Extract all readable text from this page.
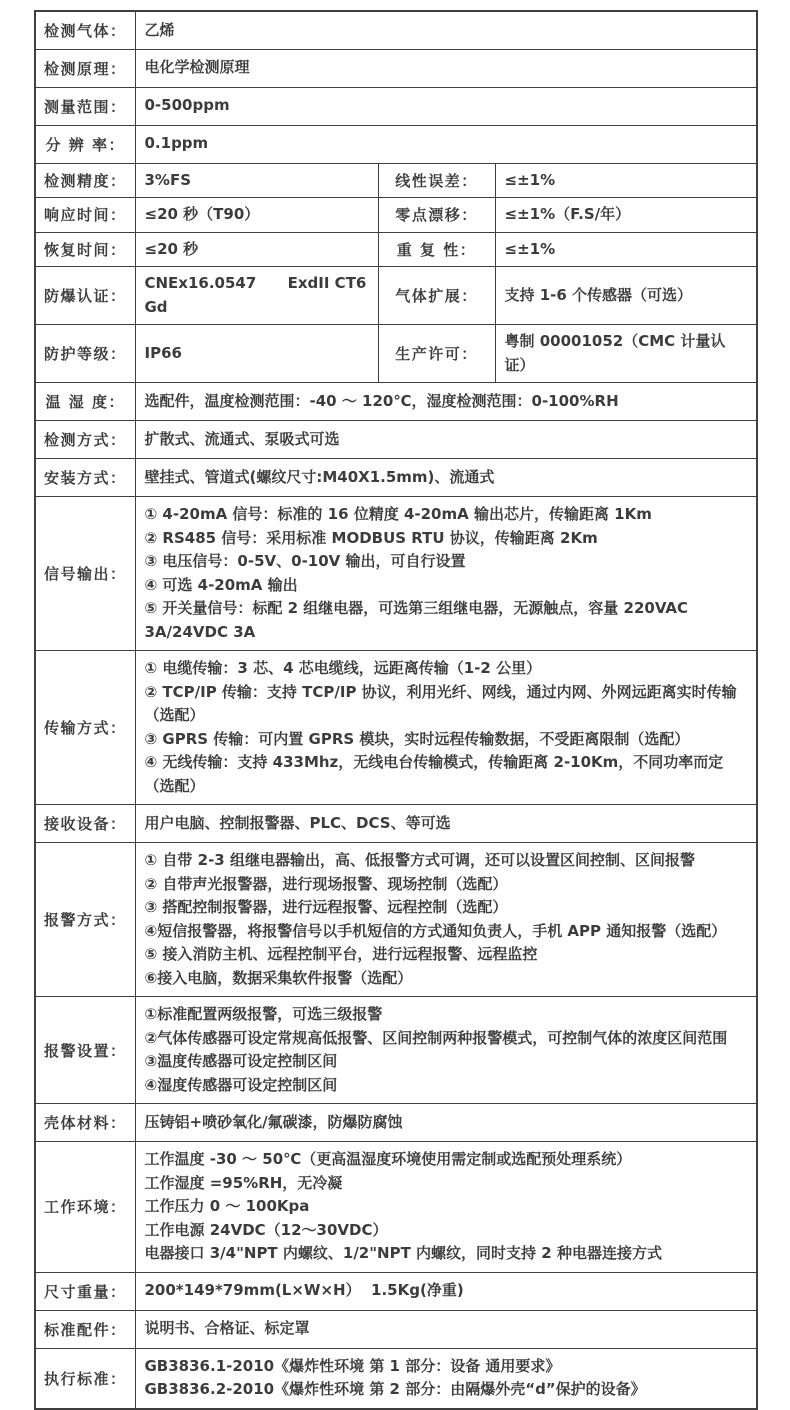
检测气体：	乙烯		
检测原理：	电化学检测原理		
测量范围：	0-500ppm		
分 辨 率：	0.1ppm		
检测精度：	3%FS	线性误差：	≤±1%
响应时间：	≤20 秒（T90）	零点漂移：	≤±1%（F.S/年）
恢复时间：	≤20 秒	重 复 性：	≤±1%
防爆认证：	CNEx16.0547      ExdII CT6 Gd	气体扩展：	支持 1-6 个传感器（可选）
防护等级：	IP66	生产许可：	粤制 00001052（CMC 计量认证）
温 湿 度：	选配件，温度检测范围：-40 ～ 120℃，湿度检测范围：0-100%RH		
检测方式：	扩散式、流通式、泵吸式可选		
安装方式：	壁挂式、管道式(螺纹尺寸:M40X1.5mm)、流通式		
信号输出：	① 4-20mA 信号：标准的 16 位精度 4-20mA 输出芯片，传输距离 1Km
② RS485 信号：采用标准 MODBUS RTU 协议，传输距离 2Km
③ 电压信号：0-5V、0-10V 输出，可自行设置
④ 可选 4-20mA 输出
⑤ 开关量信号：标配 2 组继电器，可选第三组继电器，无源触点，容量 220VAC 3A/24VDC 3A		

传输方式：	① 电缆传输：3 芯、4 芯电缆线，远距离传输（1-2 公里）
② TCP/IP 传输：支持 TCP/IP 协议，利用光纤、网线，通过内网、外网远距离实时传输（选配）
③ GPRS 传输：可内置 GPRS 模块，实时远程传输数据，不受距离限制（选配）
④ 无线传输：支持 433Mhz，无线电台传输模式，传输距离 2-10Km，不同功率而定（选配）		

接收设备：	用户电脑、控制报警器、PLC、DCS、等可选		
报警方式：	
① 自带 2-3 组继电器输出，高、低报警方式可调，还可以设置区间控制、区间报警
② 自带声光报警器，进行现场报警、现场控制（选配）
③ 搭配控制报警器，进行远程报警、远程控制（选配）
④短信报警器，将报警信号以手机短信的方式通知负责人，手机 APP 通知报警（选配）
⑤ 接入消防主机、远程控制平台，进行远程报警、远程监控
⑥接入电脑，数据采集软件报警（选配）

报警设置：	①标准配置两级报警，可选三级报警
②气体传感器可设定常规高低报警、区间控制两种报警模式，可控制气体的浓度区间范围
③温度传感器可设定控制区间
④湿度传感器可设定控制区间		

壳体材料：	压铸铝+喷砂氧化/氟碳漆，防爆防腐蚀		
工作环境：	工作温度 -30 ～ 50℃（更高温湿度环境使用需定制或选配预处理系统）
工作湿度 =95%RH，无冷凝
工作压力 0 ～ 100Kpa
工作电源 24VDC（12～30VDC）
电器接口 3/4"NPT 内螺纹、1/2"NPT 内螺纹，同时支持 2 种电器连接方式		

尺寸重量：	200*149*79mm(L×W×H）  1.5Kg(净重)		
标准配件：	说明书、合格证、标定罩		
执行标准：	GB3836.1-2010《爆炸性环境 第 1 部分：设备 通用要求》
GB3836.2-2010《爆炸性环境 第 2 部分：由隔爆外壳“d”保护的设备》		
